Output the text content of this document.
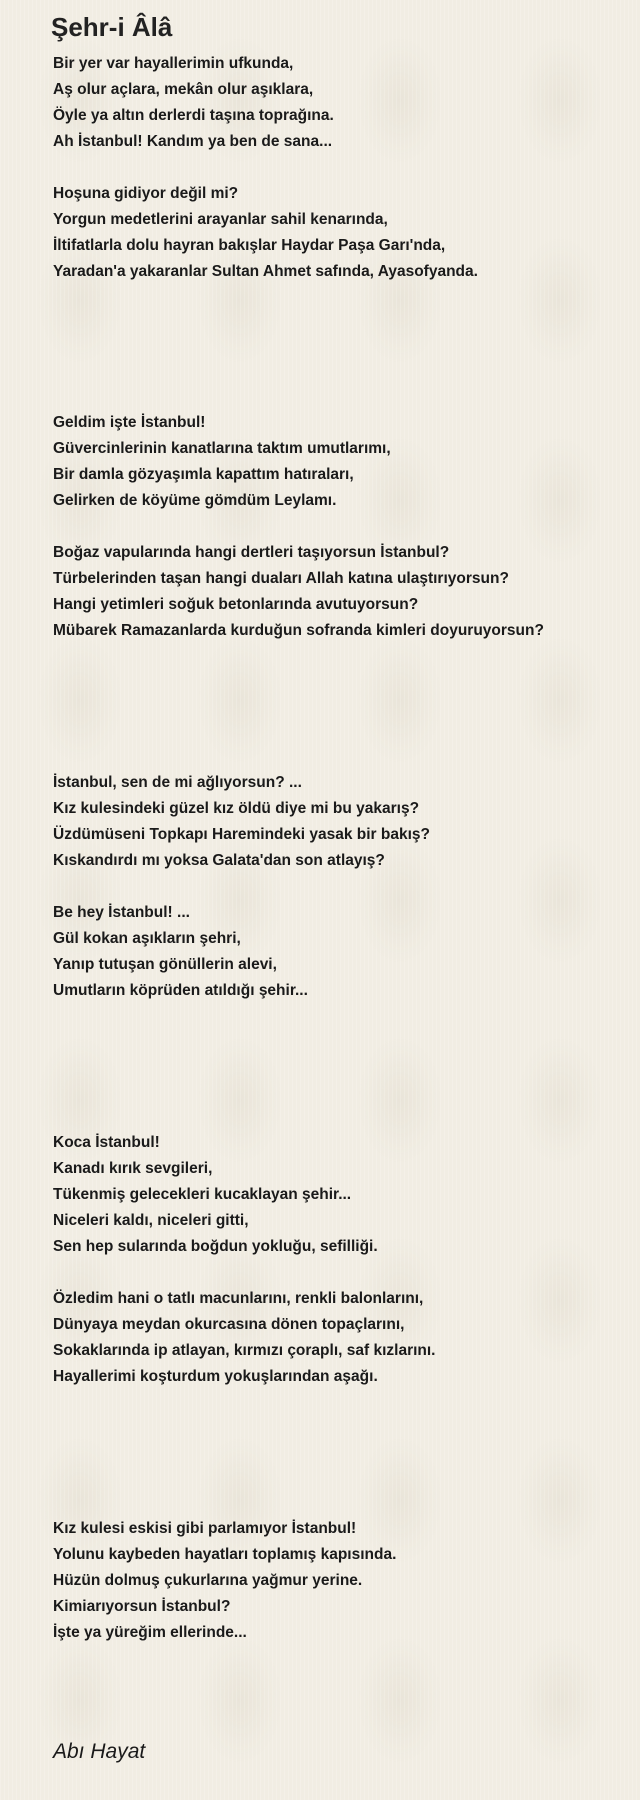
Şehr-i Âlâ

Bir yer var hayallerimin ufkunda,

Aş olur açlara, mekân olur aşıklara,

Öyle ya altın derlerdi taşına toprağına.

Ah İstanbul! Kandım ya ben de sana...

Hoşuna gidiyor değil mi?

Yorgun medetlerini arayanlar sahil kenarında,

İltifatlarla dolu hayran bakışlar Haydar Paşa Garı'nda,

Yaradan'a yakaranlar Sultan Ahmet safında, Ayasofyanda.

Geldim işte İstanbul!

Güvercinlerinin kanatlarına taktım umutlarımı,

Bir damla gözyaşımla kapattım hatıraları,

Gelirken de köyüme gömdüm Leylamı.

Boğaz vapularında hangi dertleri taşıyorsun İstanbul?

Türbelerinden taşan hangi duaları Allah katına ulaştırıyorsun?

Hangi yetimleri soğuk betonlarında avutuyorsun?

Mübarek Ramazanlarda kurduğun sofranda kimleri doyuruyorsun?

İstanbul, sen de mi ağlıyorsun? ...

Kız kulesindeki güzel kız öldü diye mi bu yakarış?

Üzdümüseni Topkapı Haremindeki yasak bir bakış?

Kıskandırdı mı yoksa Galata'dan son atlayış?

Be hey İstanbul! ...

Gül kokan aşıkların şehri,

Yanıp tutuşan gönüllerin alevi,

Umutların köprüden atıldığı şehir...

Koca İstanbul!

Kanadı kırık sevgileri,

Tükenmiş gelecekleri kucaklayan şehir...

Niceleri kaldı, niceleri gitti,

Sen hep sularında boğdun yokluğu, sefilliği.

Özledim hani o tatlı macunlarını, renkli balonlarını,

Dünyaya meydan okurcasına dönen topaçlarını,

Sokaklarında ip atlayan, kırmızı çoraplı, saf kızlarını.

Hayallerimi koşturdum yokuşlarından aşağı.

Kız kulesi eskisi gibi parlamıyor İstanbul!

Yolunu kaybeden hayatları toplamış kapısında.

Hüzün dolmuş çukurlarına yağmur yerine.

Kimiarıyorsun İstanbul?

İşte ya yüreğim ellerinde...

Abı Hayat
